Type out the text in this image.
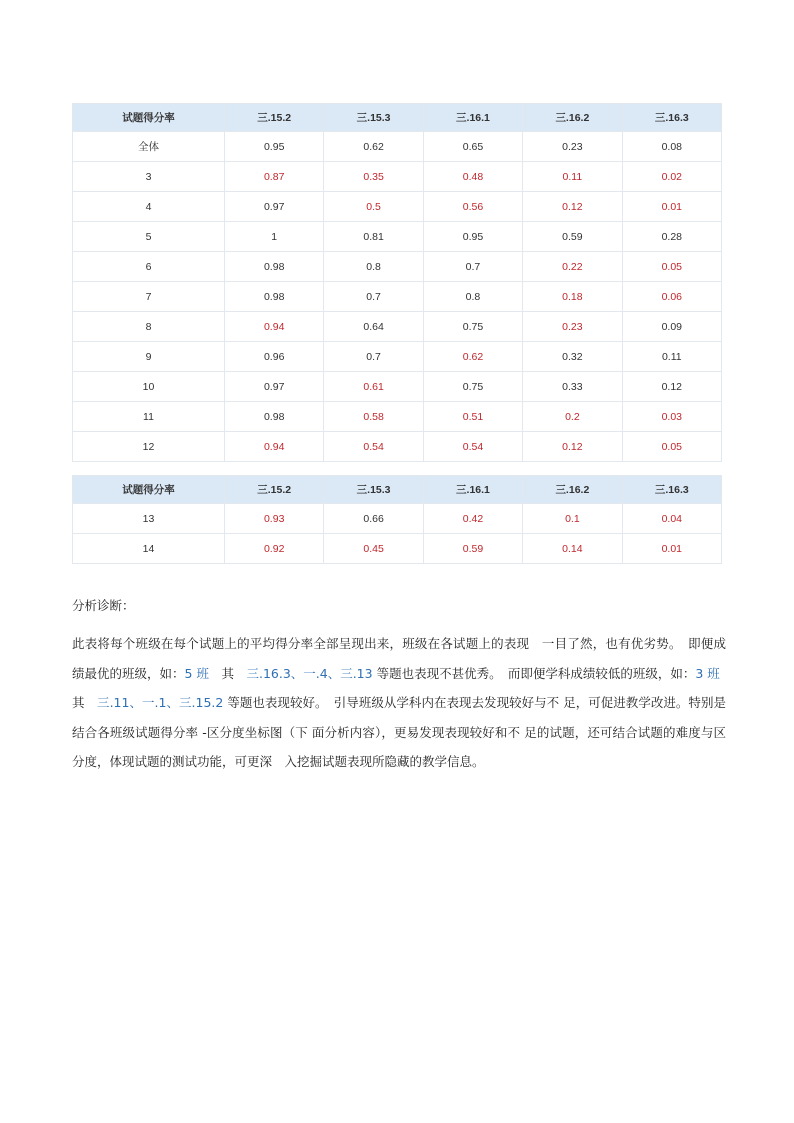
试题得分率	三.15.2	三.15.3	三.16.1	三.16.2	三.16.3
全体	0.95	0.62	0.65	0.23	0.08
3	0.87	0.35	0.48	0.11	0.02
4	0.97	0.5	0.56	0.12	0.01
5	1	0.81	0.95	0.59	0.28
6	0.98	0.8	0.7	0.22	0.05
7	0.98	0.7	0.8	0.18	0.06
8	0.94	0.64	0.75	0.23	0.09
9	0.96	0.7	0.62	0.32	0.11
10	0.97	0.61	0.75	0.33	0.12
11	0.98	0.58	0.51	0.2	0.03
12	0.94	0.54	0.54	0.12	0.05
试题得分率	三.15.2	三.15.3	三.16.1	三.16.2	三.16.3
13	0.93	0.66	0.42	0.1	0.04
14	0.92	0.45	0.59	0.14	0.01
分析诊断：
此表将每个班级在每个试题上的平均得分率全部呈现出来，班级在各试题上的表现　一目了然，也有优劣势。　即便成绩最优的班级，如：5 班　其　三.16.3、一.4、三.13 等题也表现不甚优秀。　而即便学科成绩较低的班级，如：3 班　其　三.11、一.1、三.15.2 等题也表现较好。　引导班级从学科内在表现去发现较好与不 足，可促进教学改进。特别是结合各班级试题得分率 -区分度坐标图（下 面分析内容），更易发现表现较好和不 足的试题，还可结合试题的难度与区分度，体现试题的测试功能，可更深　入挖掘试题表现所隐藏的教学信息。
